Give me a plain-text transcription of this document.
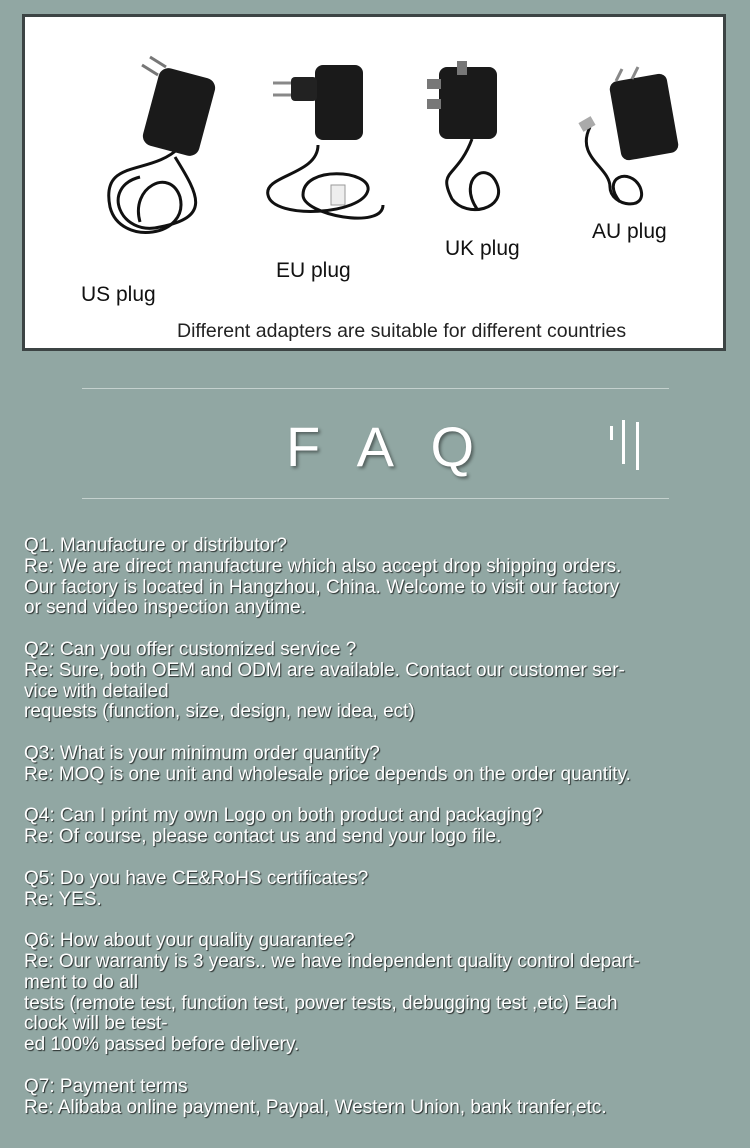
US plug
EU plug
UK plug
AU plug
Different adapters are suitable for different countries
F A Q
Q1. Manufacture or distributor?
Re: We are direct manufacture which also accept drop shipping orders.
Our factory is located in Hangzhou, China. Welcome to visit our factory
or send video inspection anytime.
Q2: Can you offer customized service ?
Re: Sure, both OEM and ODM are available. Contact our customer ser-
vice with detailed
requests (function, size, design, new idea, ect)
Q3: What is your minimum order quantity?
Re: MOQ is one unit and wholesale price depends on the order quantity.
Q4: Can I print my own Logo on both product and packaging?
Re: Of course, please contact us and send your logo file.
Q5: Do you have CE&RoHS certificates?
Re: YES.
Q6: How about your quality guarantee?
Re: Our warranty is 3 years.. we have independent quality control depart-
ment to do all
tests (remote test, function test, power tests, debugging test ,etc) Each
clock will be test-
ed 100% passed before delivery.
Q7: Payment terms
Re: Alibaba online payment, Paypal, Western Union, bank tranfer,etc.
